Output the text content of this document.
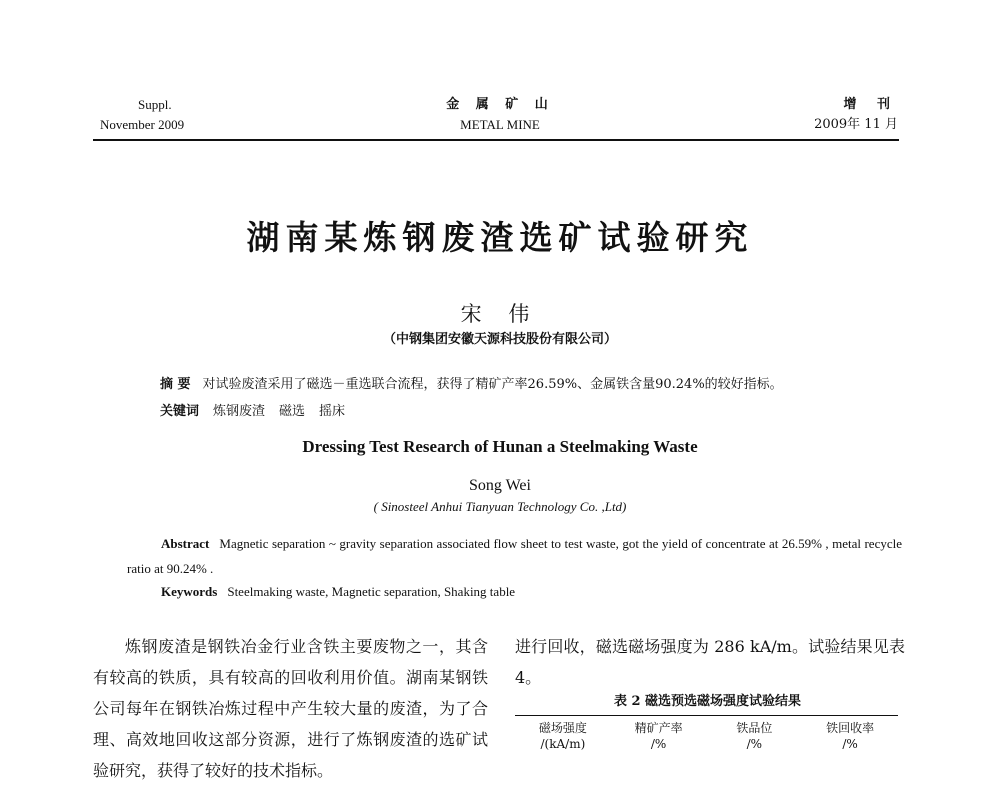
Suppl.
November 2009
金 属 矿 山
METAL MINE
增 刊
2009年 11 月
湖南某炼钢废渣选矿试验研究
宋 伟
（中钢集团安徽天源科技股份有限公司）
摘 要 对试验废渣采用了磁选－重选联合流程，获得了精矿产率26.59%、金属铁含量90.24%的较好指标。
关键词 炼钢废渣 磁选 摇床
Dressing Test Research of Hunan a Steelmaking Waste
Song Wei
( Sinosteel Anhui Tianyuan Technology Co. ,Ltd)
Abstract Magnetic separation ~ gravity separation associated flow sheet to test waste, got the yield of concentrate at 26.59% , metal recycle ratio at 90.24% .
Keywords Steelmaking waste, Magnetic separation, Shaking table
炼钢废渣是钢铁冶金行业含铁主要废物之一，其含有较高的铁质，具有较高的回收利用价值。湖南某钢铁公司每年在钢铁冶炼过程中产生较大量的废渣，为了合理、高效地回收这部分资源，进行了炼钢废渣的选矿试验研究，获得了较好的技术指标。
进行回收，磁选磁场强度为 286 kA/m。试验结果见表4。
表 2 磁选预选磁场强度试验结果
磁场强度
/(kA/m)
精矿产率
/%
铁品位
/%
铁回收率
/%
